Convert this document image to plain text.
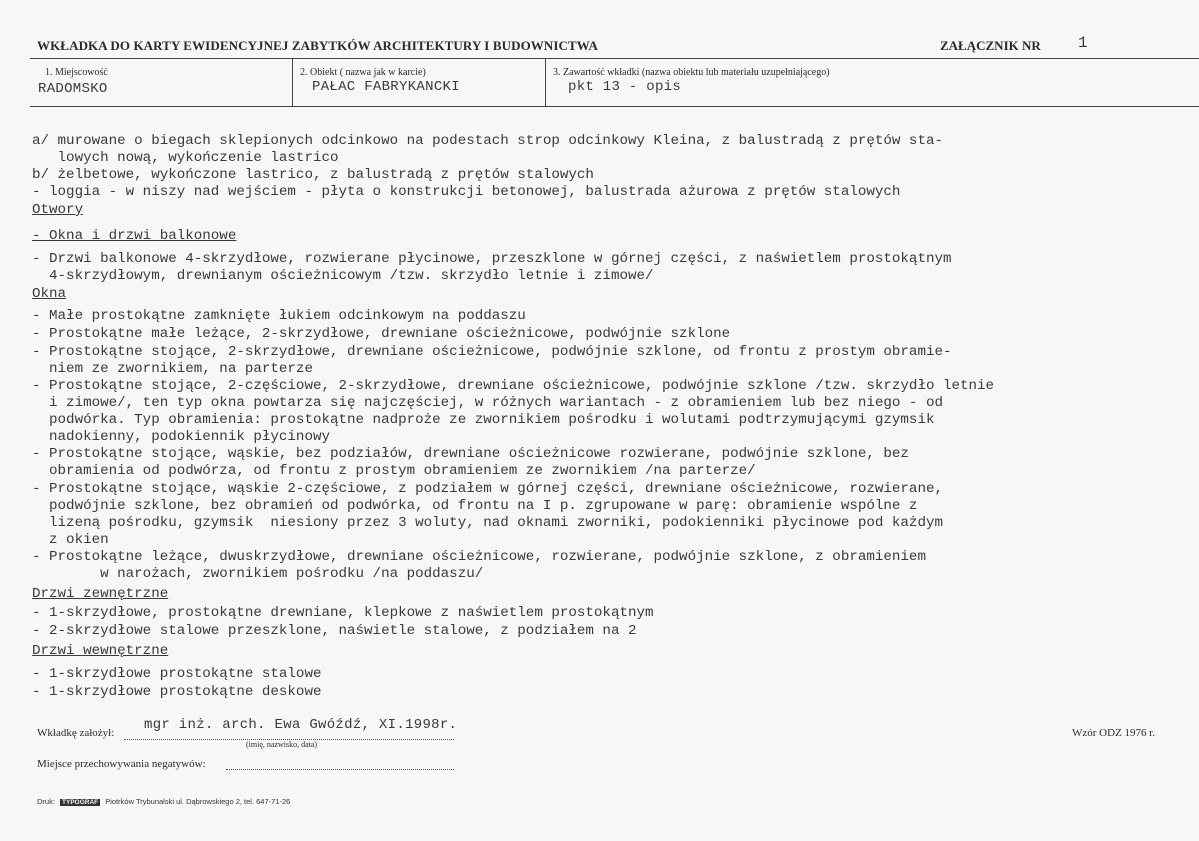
WKŁADKA DO KARTY EWIDENCYJNEJ ZABYTKÓW ARCHITEKTURY I BUDOWNICTWA	ZAŁĄCZNIK NR 1
1. Miejscowość
RADOMSKO
2. Obiekt ( nazwa jak w karcie)
PAŁAC FABRYKANCKI
3. Zawartość wkładki (nazwa obiektu lub materiału uzupełniającego)
pkt 13 - opis
a/ murowane o biegach sklepionych odcinkowo na podestach strop odcinkowy Kleina, z balustradą z prętów sta-
lowych nową, wykończenie lastrico
b/ żelbetowe, wykończone lastrico, z balustradą z prętów stalowych
- loggia - w niszy nad wejściem - płyta o konstrukcji betonowej, balustrada ażurowa z prętów stalowych
Otwory
- Okna i drzwi balkonowe
- Drzwi balkonowe 4-skrzydłowe, rozwierane płycinowe, przeszklone w górnej części, z naświetlem prostokątnym
4-skrzydłowym, drewnianym ościeżnicowym /tzw. skrzydło letnie i zimowe/
Okna
- Małe prostokątne zamknięte łukiem odcinkowym na poddaszu
- Prostokątne małe leżące, 2-skrzydłowe, drewniane ościeżnicowe, podwójnie szklone
- Prostokątne stojące, 2-skrzydłowe, drewniane ościeżnicowe, podwójnie szklone, od frontu z prostym obramie-
niem ze zwornikiem, na parterze
- Prostokątne stojące, 2-częściowe, 2-skrzydłowe, drewniane ościeżnicowe, podwójnie szklone /tzw. skrzydło letnie
i zimowe/, ten typ okna powtarza się najczęściej, w różnych wariantach - z obramieniem lub bez niego - od
podwórka. Typ obramienia: prostokątne nadproże ze zwornikiem pośrodku i wolutami podtrzymującymi gzymsik
nadokienny, podokiennik płycinowy
- Prostokątne stojące, wąskie, bez podziałów, drewniane ościeżnicowe rozwierane, podwójnie szklone, bez
obramienia od podwórza, od frontu z prostym obramieniem ze zwornikiem /na parterze/
- Prostokątne stojące, wąskie 2-częściowe, z podziałem w górnej części, drewniane ościeżnicowe, rozwierane,
podwójnie szklone, bez obramień od podwórka, od frontu na I p. zgrupowane w parę: obramienie wspólne z
lizeną pośrodku, gzymsik  niesiony przez 3 woluty, nad oknami zworniki, podokienniki płycinowe pod każdym
z okien
- Prostokątne leżące, dwuskrzydłowe, drewniane ościeżnicowe, rozwierane, podwójnie szklone, z obramieniem
w narożach, zwornikiem pośrodku /na poddaszu/
Drzwi zewnętrzne
- 1-skrzydłowe, prostokątne drewniane, klepkowe z naświetlem prostokątnym
- 2-skrzydłowe stalowe przeszklone, naświetle stalowe, z podziałem na 2
Drzwi wewnętrzne
- 1-skrzydłowe prostokątne stalowe
- 1-skrzydłowe prostokątne deskowe
Wkładkę założył: mgr inż. arch. Ewa Gwóźdź, XI.1998r.
(imię, nazwisko, data)
Wzór ODZ 1976 r.
Miejsce przechowywania negatywów:
Druk: TYPOGRAF Piotrków Trybunalski ul. Dąbrowskiego 2, tel. 647-71-26
